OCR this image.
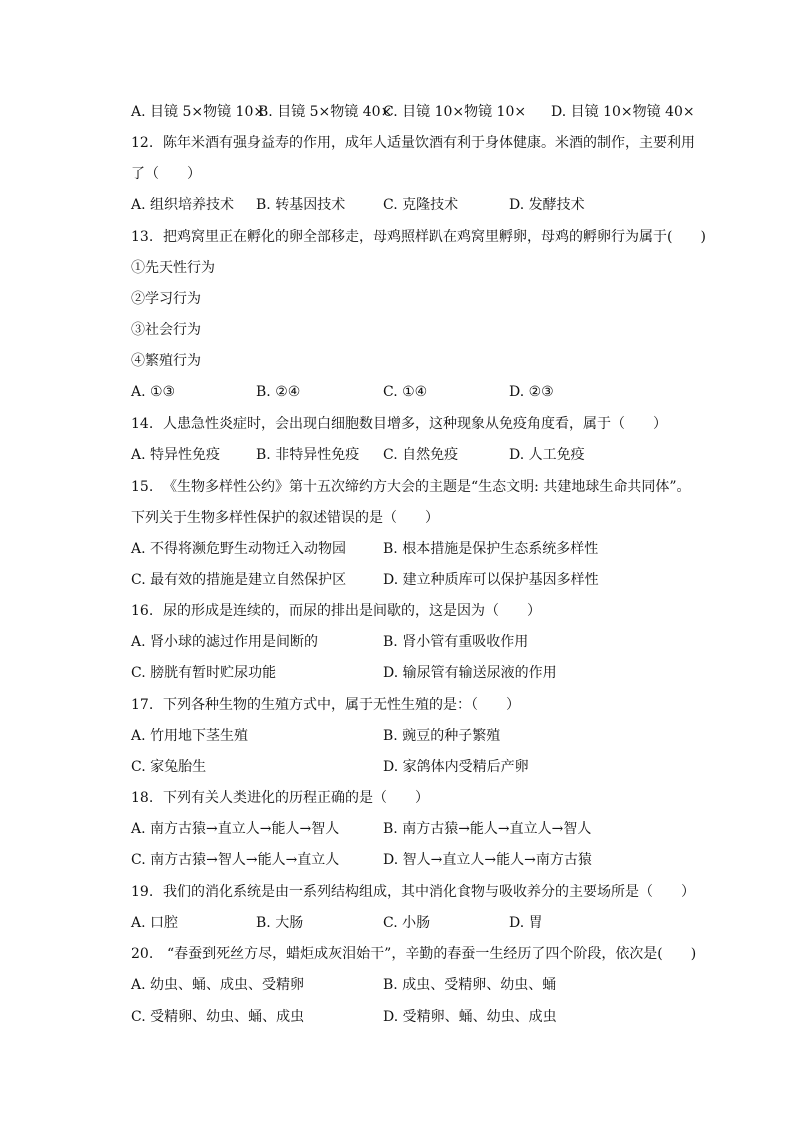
A. 目镜 5×物镜 10×
B. 目镜 5×物镜 40×
C. 目镜 10×物镜 10× D. 目镜 10×物镜 40×
12. 陈年米酒有强身益寿的作用，成年人适量饮酒有利于身体健康。米酒的制作，主要利用
了（　　）
A. 组织培养技术 B. 转基因技术	C. 克隆技术	D. 发酵技术
13. 把鸡窝里正在孵化的卵全部移走，母鸡照样趴在鸡窝里孵卵，母鸡的孵卵行为属于(　　)
①先天性行为
②学习行为
③社会行为
④繁殖行为
A. ①③	B. ②④	C. ①④	D. ②③
14. 人患急性炎症时，会出现白细胞数目增多，这种现象从免疫角度看，属于（　　）
A. 特异性免疫	B. 非特异性免疫 C. 自然免疫	D. 人工免疫
15. 《生物多样性公约》第十五次缔约方大会的主题是“生态文明: 共建地球生命共同体”。
下列关于生物多样性保护的叙述错误的是（　　）
A. 不得将濒危野生动物迁入动物园	B. 根本措施是保护生态系统多样性
C. 最有效的措施是建立自然保护区	D. 建立种质库可以保护基因多样性
16. 尿的形成是连续的，而尿的排出是间歇的，这是因为（　　）
A. 肾小球的滤过作用是间断的	B. 肾小管有重吸收作用
C. 膀胱有暂时贮尿功能	D. 输尿管有输送尿液的作用
17. 下列各种生物的生殖方式中，属于无性生殖的是：（　　）
A. 竹用地下茎生殖	B. 豌豆的种子繁殖
C. 家兔胎生	D. 家鸽体内受精后产卵
18. 下列有关人类进化的历程正确的是（　　）
A. 南方古猿→直立人→能人→智人	B. 南方古猿→能人→直立人→智人
C. 南方古猿→智人→能人→直立人	D. 智人→直立人→能人→南方古猿
19. 我们的消化系统是由一系列结构组成，其中消化食物与吸收养分的主要场所是（　　）
A. 口腔	B. 大肠	C. 小肠	D. 胃
20. “春蚕到死丝方尽，蜡炬成灰泪始干”，辛勤的春蚕一生经历了四个阶段，依次是(　　)
A. 幼虫、蛹、成虫、受精卵	B. 成虫、受精卵、幼虫、蛹
C. 受精卵、幼虫、蛹、成虫	D. 受精卵、蛹、幼虫、成虫
